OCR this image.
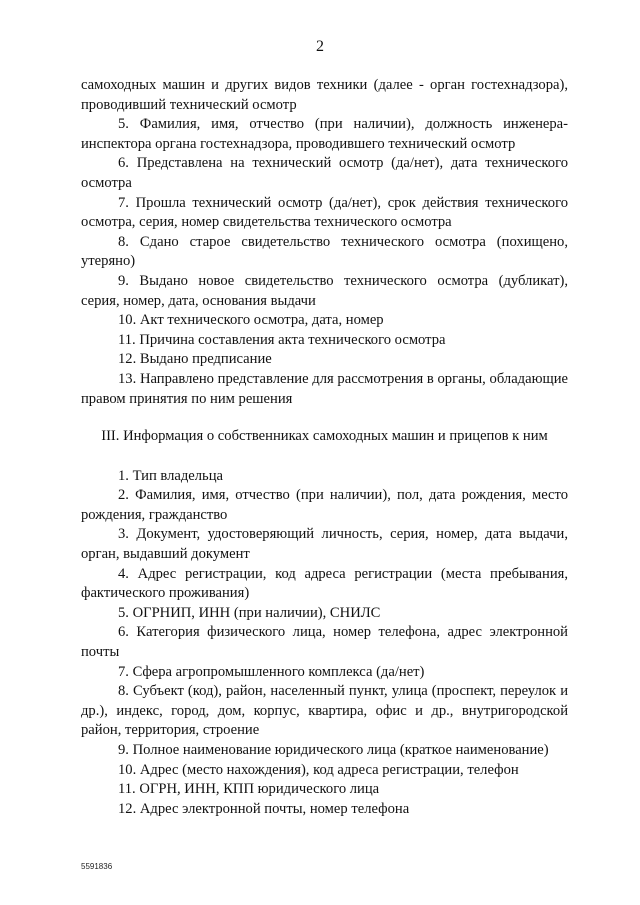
2

самоходных машин и других видов техники (далее - орган гостехнадзора), проводивший технический осмотр

5. Фамилия, имя, отчество (при наличии), должность инженера-инспектора органа гостехнадзора, проводившего технический осмотр

6. Представлена на технический осмотр (да/нет), дата технического осмотра

7. Прошла технический осмотр (да/нет), срок действия технического осмотра, серия, номер свидетельства технического осмотра

8. Сдано старое свидетельство технического осмотра (похищено, утеряно)

9. Выдано новое свидетельство технического осмотра (дубликат), серия, номер, дата, основания выдачи

10. Акт технического осмотра, дата, номер

11. Причина составления акта технического осмотра

12. Выдано предписание

13. Направлено представление для рассмотрения в органы, обладающие правом принятия по ним решения

III. Информация о собственниках самоходных машин и прицепов к ним

1. Тип владельца

2. Фамилия, имя, отчество (при наличии), пол, дата рождения, место рождения, гражданство

3. Документ, удостоверяющий личность, серия, номер, дата выдачи, орган, выдавший документ

4. Адрес регистрации, код адреса регистрации (места пребывания, фактического проживания)

5. ОГРНИП, ИНН (при наличии), СНИЛС

6. Категория физического лица, номер телефона, адрес электронной почты

7. Сфера агропромышленного комплекса (да/нет)

8. Субъект (код), район, населенный пункт, улица (проспект, переулок и др.), индекс, город, дом, корпус, квартира, офис и др., внутригородской район, территория, строение

9. Полное наименование юридического лица (краткое наименование)

10. Адрес (место нахождения), код адреса регистрации, телефон

11. ОГРН, ИНН, КПП юридического лица

12. Адрес электронной почты, номер телефона

5591836
